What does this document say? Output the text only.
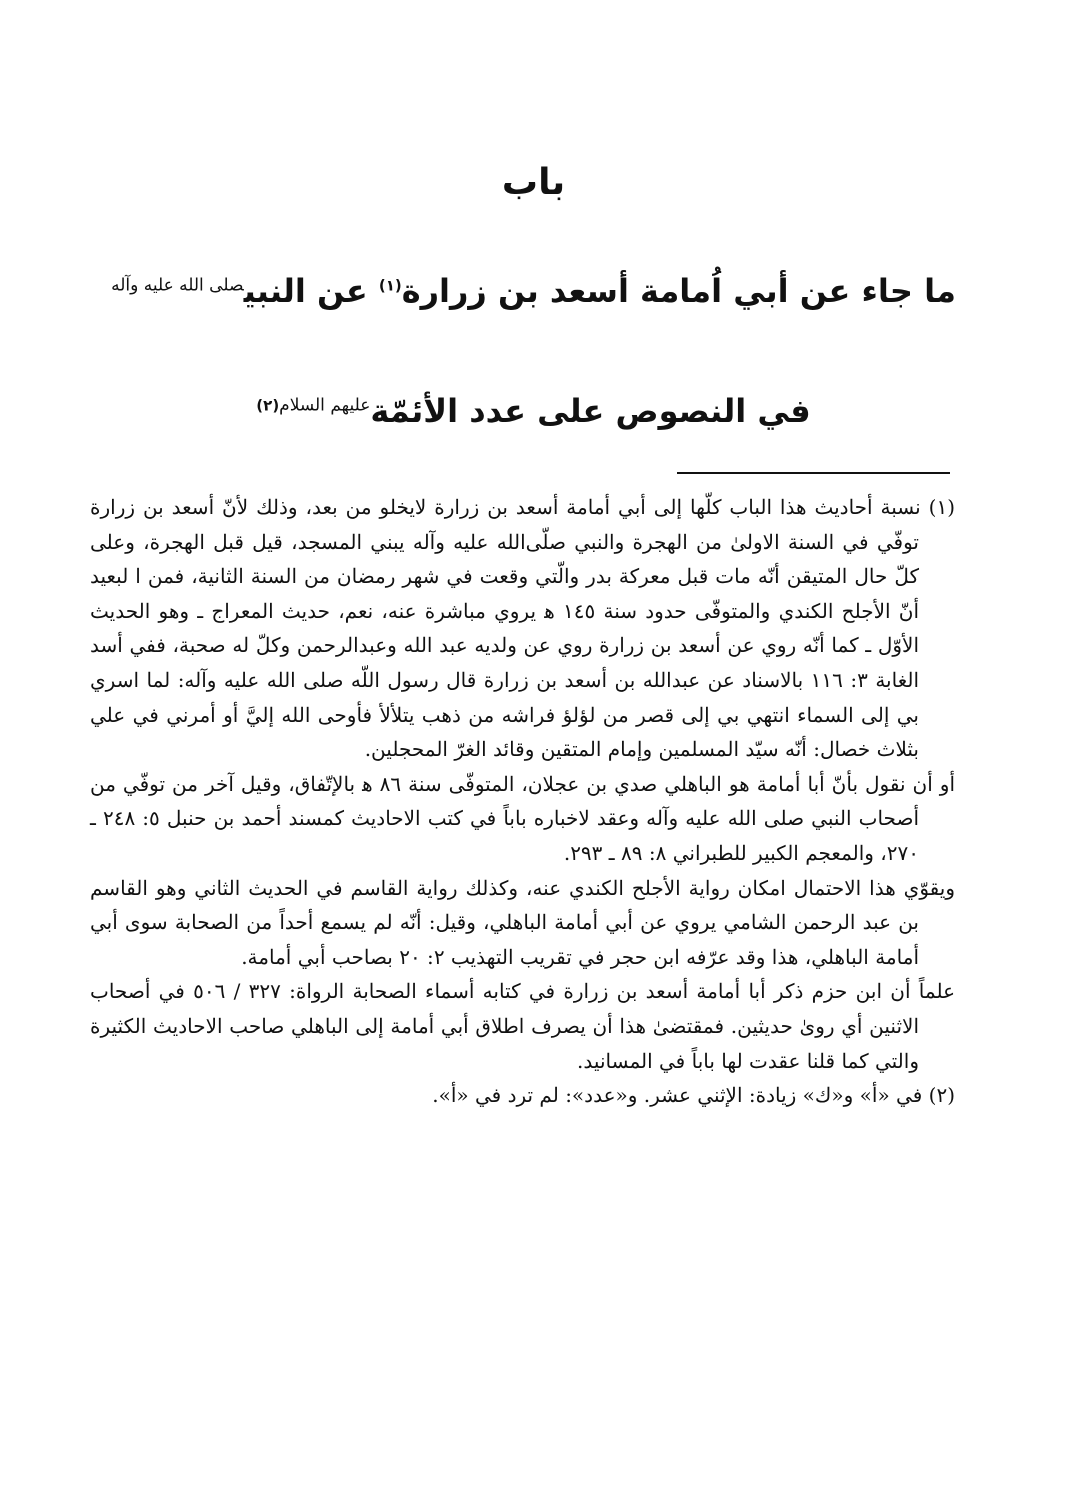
باب
ما جاء عن أبي اُمامة أسعد بن زرارة$^{(١)}$ عن النبي$^{صلى الله عليه وآله}$
في النصوص على عدد الأئمّة$^{عليهم السلام(٢)}$

(١) نسبة أحاديث هذا الباب كلّها إلى أبي أمامة أسعد بن زرارة لايخلو من بعد، وذلك لأنّ أسعد بن زرارة توفّي في السنة الاولىٰ من الهجرة والنبي صلّى‌الله عليه وآله يبني المسجد، قيل قبل الهجرة، وعلى كلّ حال المتيقن أنّه مات قبل معركة بدر والّتي وقعت في شهر رمضان من السنة الثانية، فمن ا لبعيد أنّ الأجلح الكندي والمتوفّى حدود سنة ١٤٥ ﻫ يروي مباشرة عنه، نعم، حديث المعراج ـ وهو الحديث الأوّل ـ كما أنّه روي عن أسعد بن زرارة روي عن ولديه عبد الله وعبدالرحمن وكلّ له صحبة، ففي أسد الغابة ٣: ١١٦ بالاسناد عن عبدالله بن أسعد بن زرارة قال رسول اللّه صلى الله عليه وآله: لما اسري بي إلى السماء انتهي بي إلى قصر من لؤلؤ فراشه من ذهب يتلألأ فأوحى الله إليَّ أو أمرني في علي بثلاث خصال: أنّه سيّد المسلمين وإمام المتقين وقائد الغرّ المحجلين.

أو أن نقول بأنّ أبا أمامة هو الباهلي صدي بن عجلان، المتوفّى سنة ٨٦ ﻫ بالإتّفاق، وقيل آخر من توفّي من أصحاب النبي صلى الله عليه وآله وعقد لاخباره باباً في كتب الاحاديث كمسند أحمد بن حنبل ٥: ٢٤٨ ـ ٢٧٠، والمعجم الكبير للطبراني ٨: ٨٩ ـ ٢٩٣.

ويقوّي هذا الاحتمال امكان رواية الأجلح الكندي عنه، وكذلك رواية القاسم في الحديث الثاني وهو القاسم بن عبد الرحمن الشامي يروي عن أبي أمامة الباهلي، وقيل: أنّه لم يسمع أحداً من الصحابة سوى أبي أمامة الباهلي، هذا وقد عرّفه ابن حجر في تقريب التهذيب ٢: ٢٠ بصاحب أبي أمامة.

علماً أن ابن حزم ذكر أبا أمامة أسعد بن زرارة في كتابه أسماء الصحابة الرواة: ٣٢٧ / ٥٠٦ في أصحاب الاثنين أي روىٰ حديثين. فمقتضىٰ هذا أن يصرف اطلاق أبي أمامة إلى الباهلي صاحب الاحاديث الكثيرة والتي كما قلنا عقدت لها باباً في المسانيد.

(٢) في «أ» و«ك» زيادة: الإثني عشر. و«عدد»: لم ترد في «أ».
